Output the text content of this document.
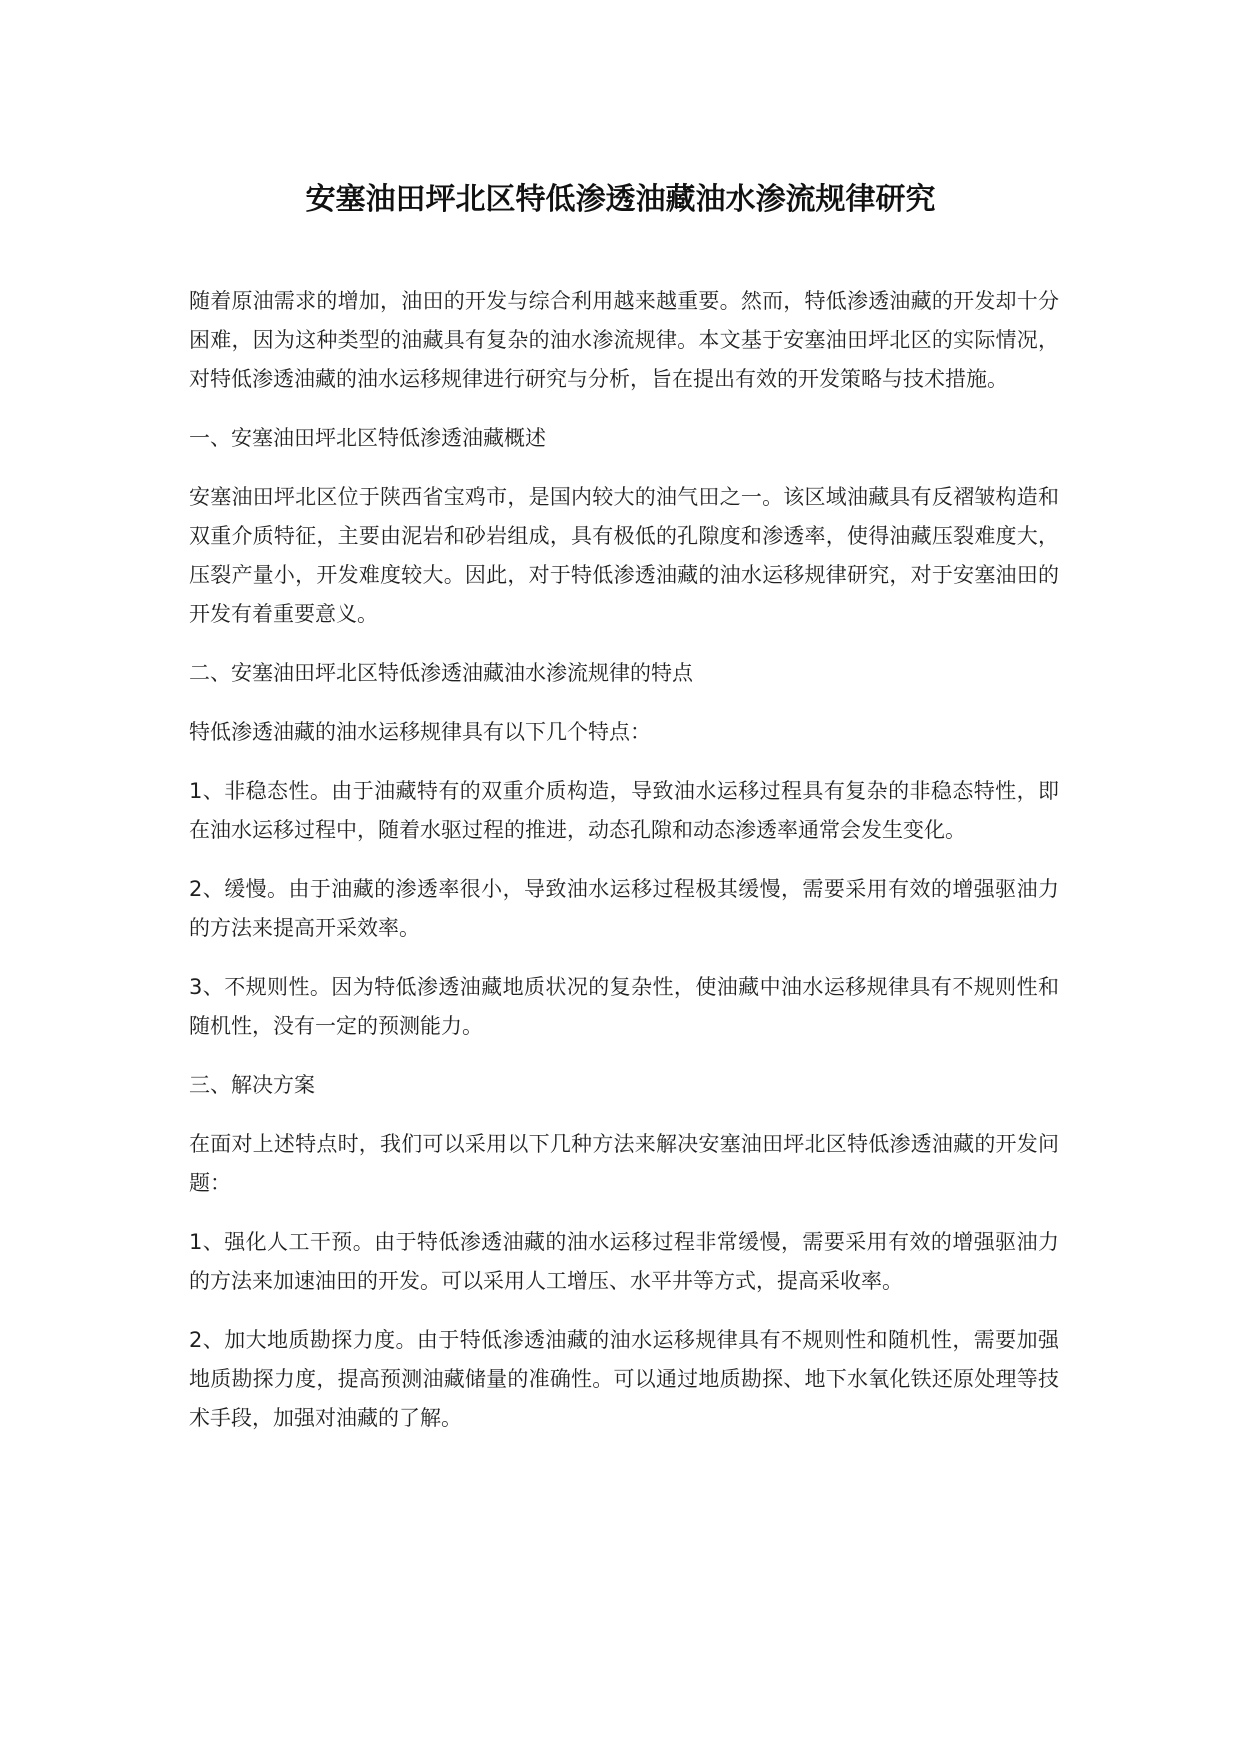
安塞油田坪北区特低渗透油藏油水渗流规律研究

随着原油需求的增加，油田的开发与综合利用越来越重要。然而，特低渗透油藏的开发却十分困难，因为这种类型的油藏具有复杂的油水渗流规律。本文基于安塞油田坪北区的实际情况，对特低渗透油藏的油水运移规律进行研究与分析，旨在提出有效的开发策略与技术措施。

一、安塞油田坪北区特低渗透油藏概述

安塞油田坪北区位于陕西省宝鸡市，是国内较大的油气田之一。该区域油藏具有反褶皱构造和双重介质特征，主要由泥岩和砂岩组成，具有极低的孔隙度和渗透率，使得油藏压裂难度大，压裂产量小，开发难度较大。因此，对于特低渗透油藏的油水运移规律研究，对于安塞油田的开发有着重要意义。

二、安塞油田坪北区特低渗透油藏油水渗流规律的特点

特低渗透油藏的油水运移规律具有以下几个特点：

1、非稳态性。由于油藏特有的双重介质构造，导致油水运移过程具有复杂的非稳态特性，即在油水运移过程中，随着水驱过程的推进，动态孔隙和动态渗透率通常会发生变化。

2、缓慢。由于油藏的渗透率很小，导致油水运移过程极其缓慢，需要采用有效的增强驱油力的方法来提高开采效率。

3、不规则性。因为特低渗透油藏地质状况的复杂性，使油藏中油水运移规律具有不规则性和随机性，没有一定的预测能力。

三、解决方案

在面对上述特点时，我们可以采用以下几种方法来解决安塞油田坪北区特低渗透油藏的开发问题：

1、强化人工干预。由于特低渗透油藏的油水运移过程非常缓慢，需要采用有效的增强驱油力的方法来加速油田的开发。可以采用人工增压、水平井等方式，提高采收率。

2、加大地质勘探力度。由于特低渗透油藏的油水运移规律具有不规则性和随机性，需要加强地质勘探力度，提高预测油藏储量的准确性。可以通过地质勘探、地下水氧化铁还原处理等技术手段，加强对油藏的了解。
